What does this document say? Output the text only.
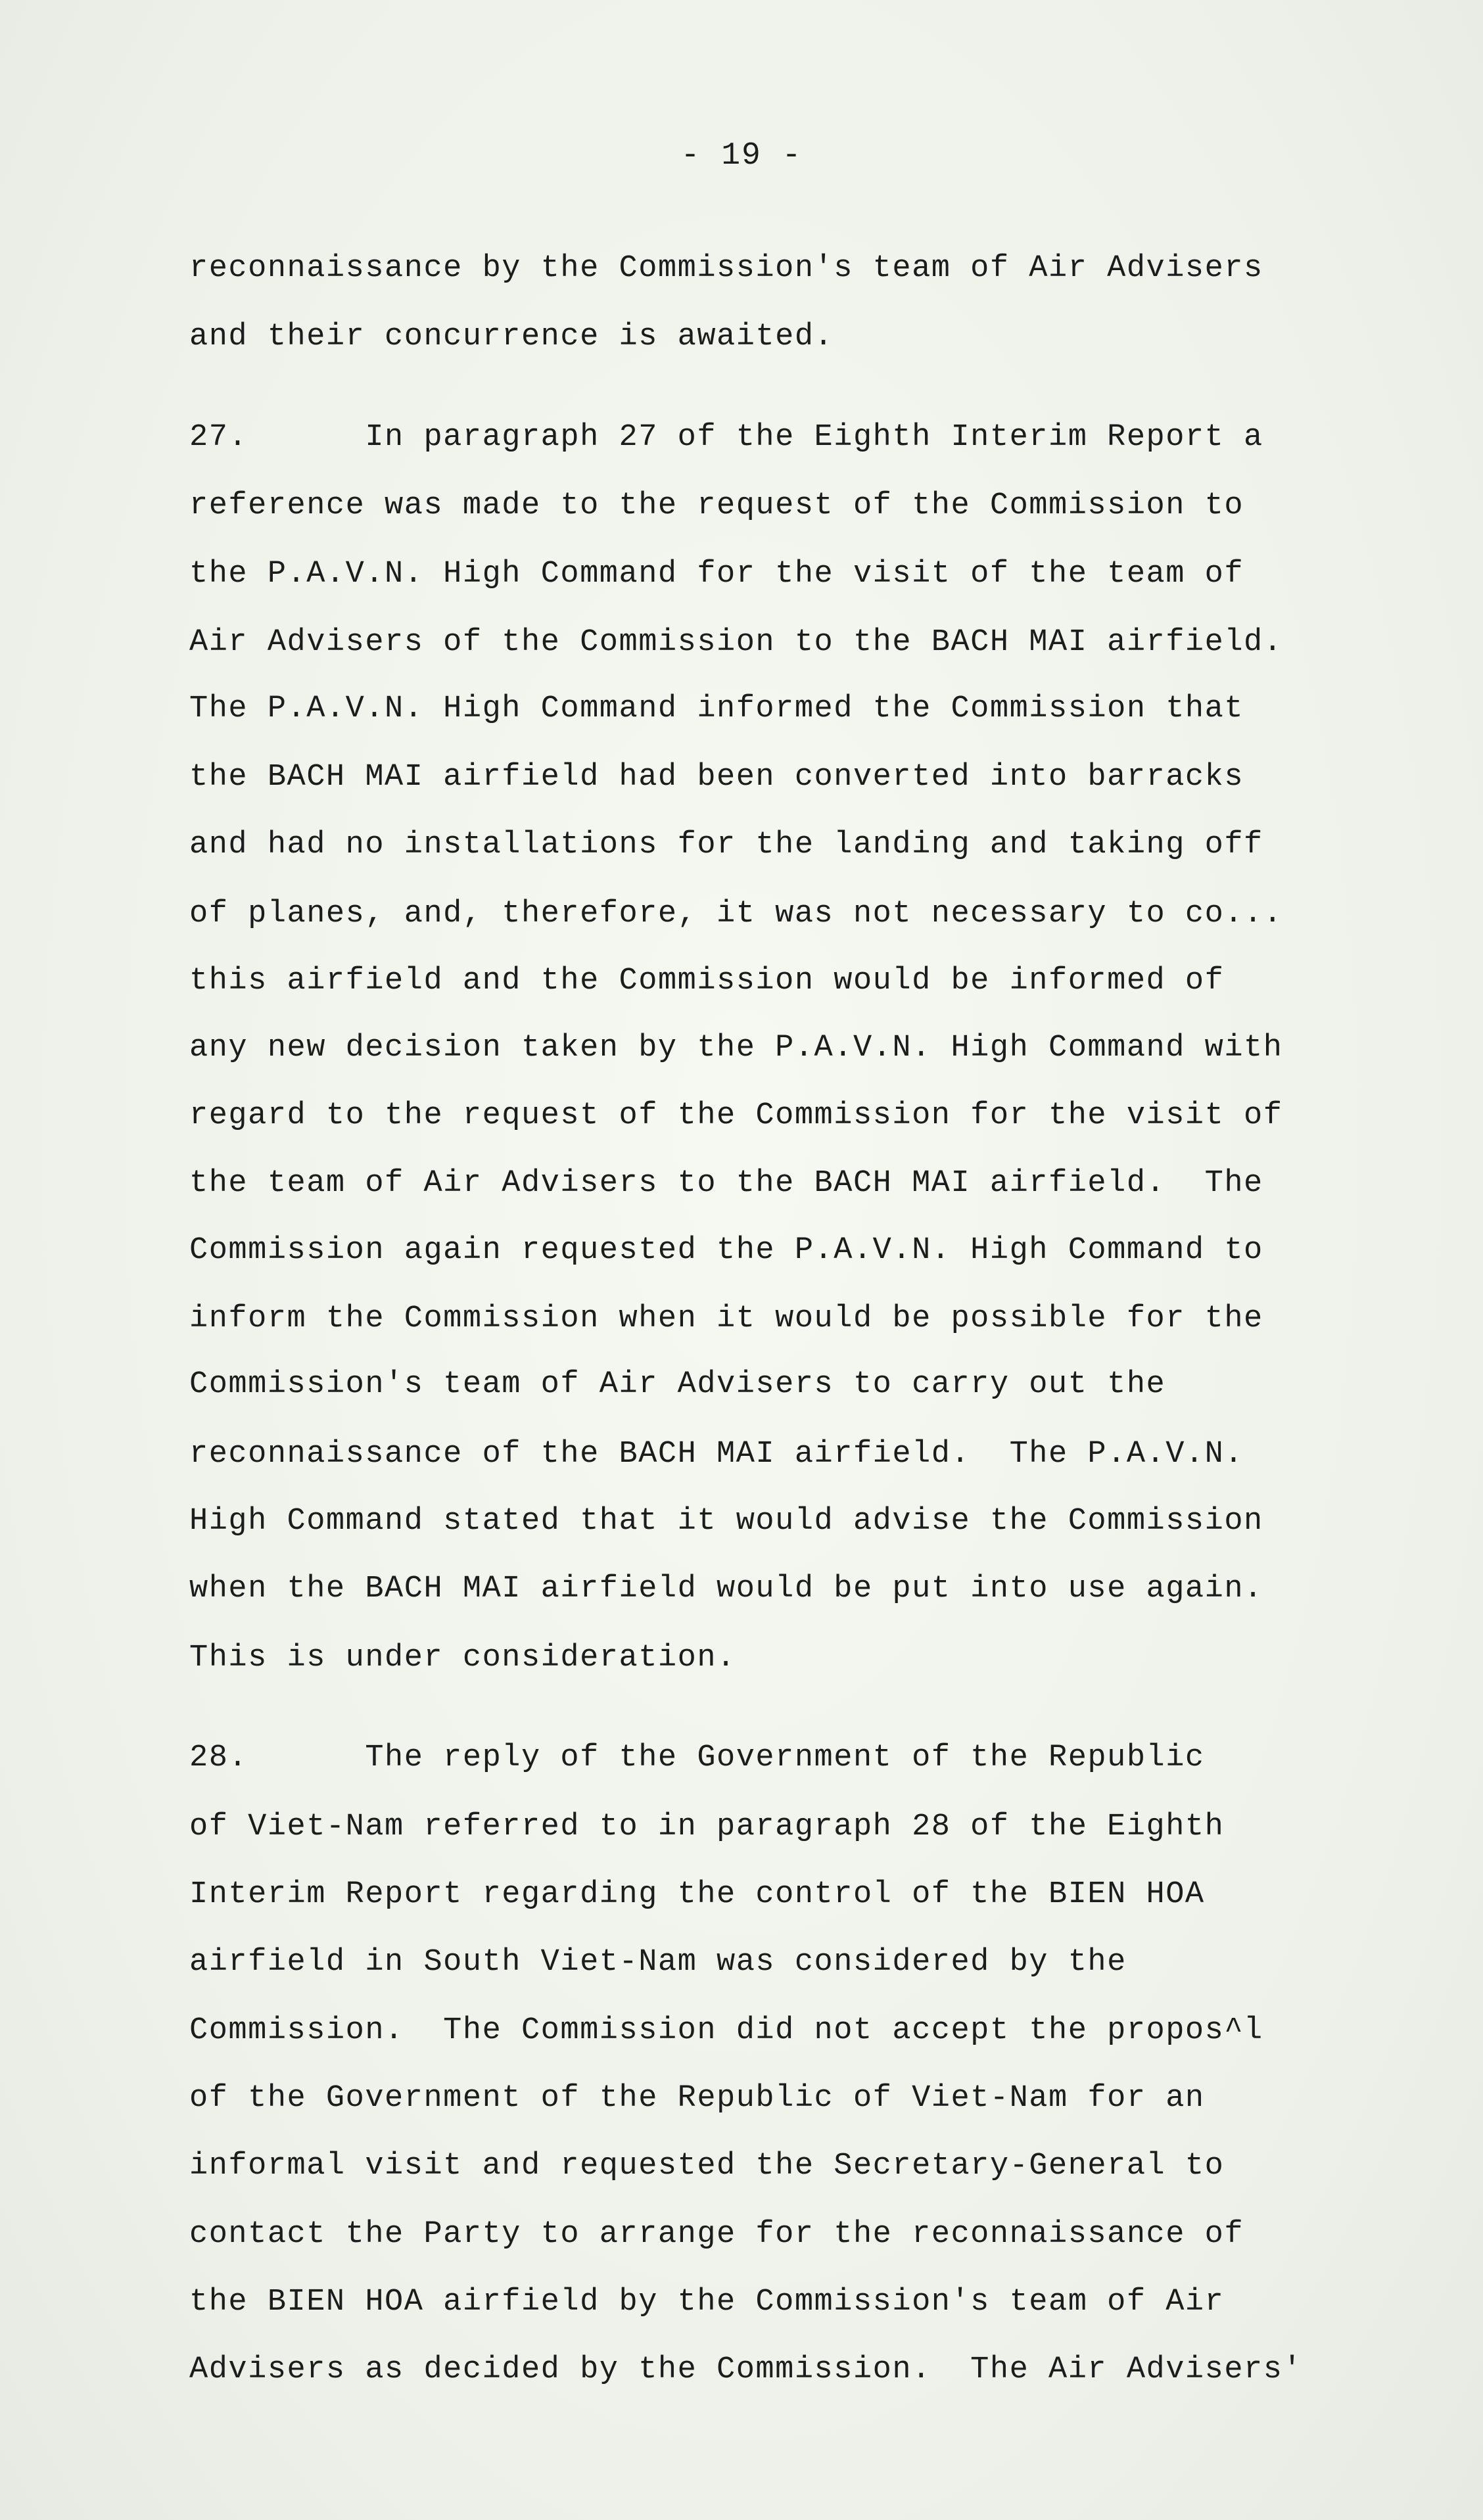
- 19 -
reconnaissance by the Commission's team of Air Advisers
and their concurrence is awaited.
27.      In paragraph 27 of the Eighth Interim Report a
reference was made to the request of the Commission to
the P.A.V.N. High Command for the visit of the team of
Air Advisers of the Commission to the BACH MAI airfield.
The P.A.V.N. High Command informed the Commission that
the BACH MAI airfield had been converted into barracks
and had no installations for the landing and taking off
of planes, and, therefore, it was not necessary to co...
this airfield and the Commission would be informed of
any new decision taken by the P.A.V.N. High Command with
regard to the request of the Commission for the visit of
the team of Air Advisers to the BACH MAI airfield.  The
Commission again requested the P.A.V.N. High Command to
inform the Commission when it would be possible for the
Commission's team of Air Advisers to carry out the
reconnaissance of the BACH MAI airfield.  The P.A.V.N.
High Command stated that it would advise the Commission
when the BACH MAI airfield would be put into use again.
This is under consideration.
28.      The reply of the Government of the Republic
of Viet-Nam referred to in paragraph 28 of the Eighth
Interim Report regarding the control of the BIEN HOA
airfield in South Viet-Nam was considered by the
Commission.  The Commission did not accept the propos^l
of the Government of the Republic of Viet-Nam for an
informal visit and requested the Secretary-General to
contact the Party to arrange for the reconnaissance of
the BIEN HOA airfield by the Commission's team of Air
Advisers as decided by the Commission.  The Air Advisers'
